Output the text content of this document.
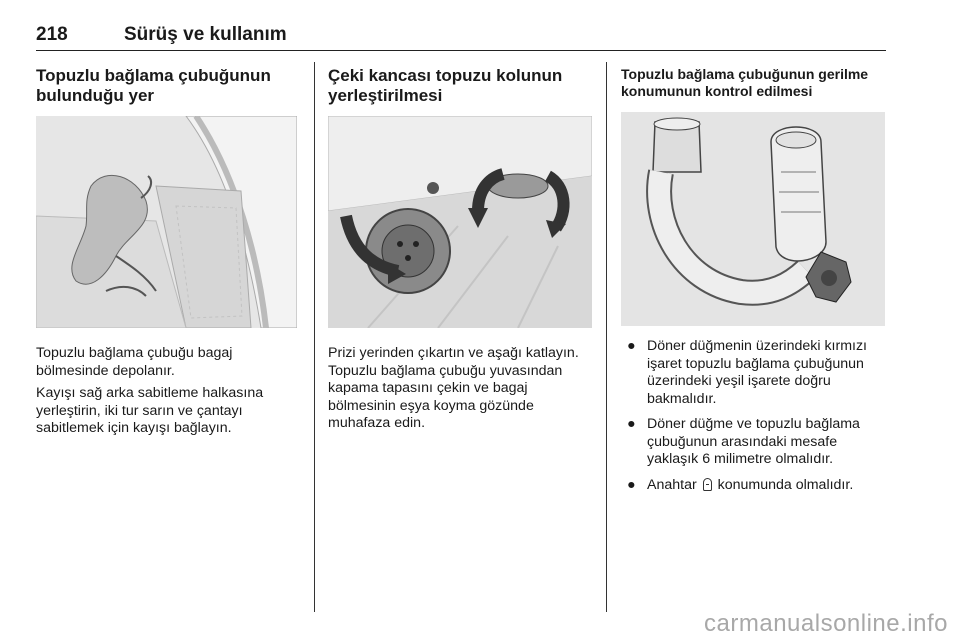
218	Sürüş ve kullanım
Topuzlu bağlama çubuğunun bulunduğu yer

Topuzlu bağlama çubuğu bagaj bölmesinde depolanır.

Kayışı sağ arka sabitleme halkasına yerleştirin, iki tur sarın ve çantayı sabitlemek için kayışı bağlayın.

Çeki kancası topuzu kolunun yerleştirilmesi

Prizi yerinden çıkartın ve aşağı katlayın. Topuzlu bağlama çubuğu yuvasından kapama tapasını çekin ve bagaj bölmesinin eşya koyma gözünde muhafaza edin.

Topuzlu bağlama çubuğunun gerilme konumunun kontrol edilmesi
● Döner düğmenin üzerindeki kırmızı işaret topuzlu bağlama çubuğunun üzerindeki yeşil işarete doğru bakmalıdır.
● Döner düğme ve topuzlu bağlama çubuğunun arasındaki mesafe yaklaşık 6 milimetre olmalıdır.
● Anahtar konumunda olmalıdır.
carmanualsonline.info
